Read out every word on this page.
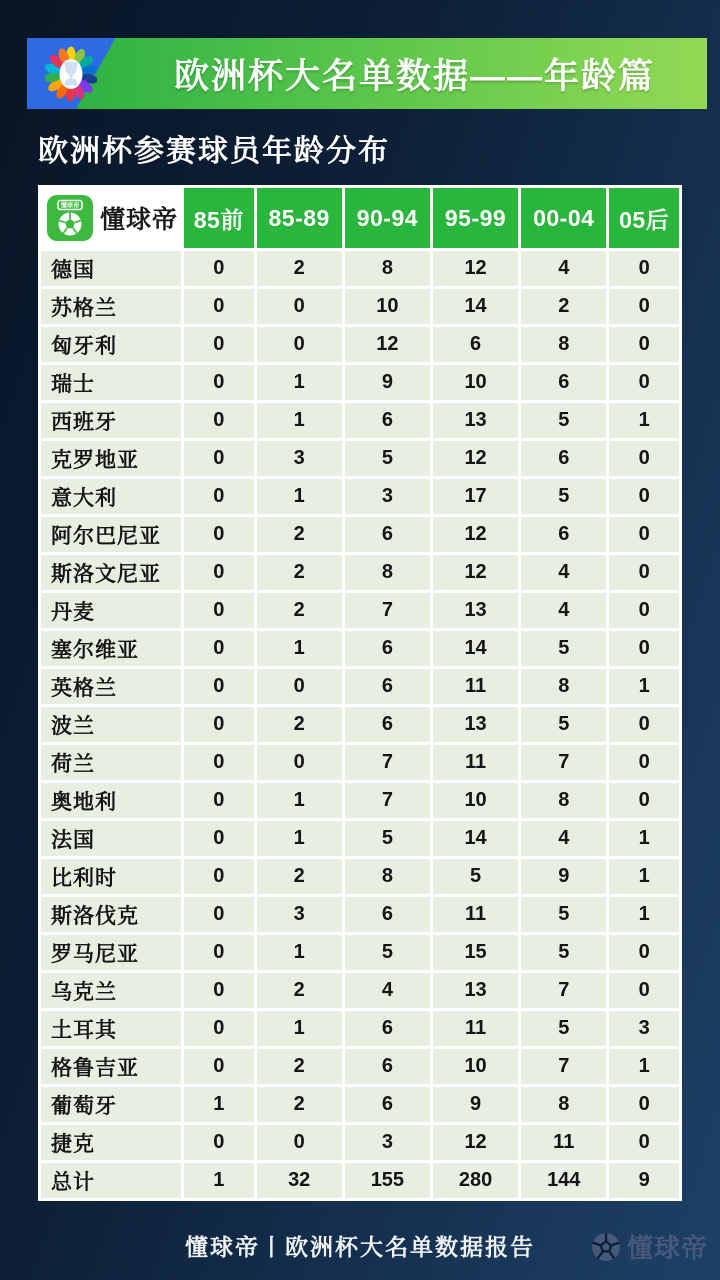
欧洲杯大名单数据——年龄篇
欧洲杯参赛球员年龄分布
懂球帝 懂球帝	85前	85-89	90-94	95-99	00-04	05后
德国	0	2	8	12	4	0
苏格兰	0	0	10	14	2	0
匈牙利	0	0	12	6	8	0
瑞士	0	1	9	10	6	0
西班牙	0	1	6	13	5	1
克罗地亚	0	3	5	12	6	0
意大利	0	1	3	17	5	0
阿尔巴尼亚	0	2	6	12	6	0
斯洛文尼亚	0	2	8	12	4	0
丹麦	0	2	7	13	4	0
塞尔维亚	0	1	6	14	5	0
英格兰	0	0	6	11	8	1
波兰	0	2	6	13	5	0
荷兰	0	0	7	11	7	0
奥地利	0	1	7	10	8	0
法国	0	1	5	14	4	1
比利时	0	2	8	5	9	1
斯洛伐克	0	3	6	11	5	1
罗马尼亚	0	1	5	15	5	0
乌克兰	0	2	4	13	7	0
土耳其	0	1	6	11	5	3
格鲁吉亚	0	2	6	10	7	1
葡萄牙	1	2	6	9	8	0
捷克	0	0	3	12	11	0
总计	1	32	155	280	144	9
懂球帝丨欧洲杯大名单数据报告	懂球帝
